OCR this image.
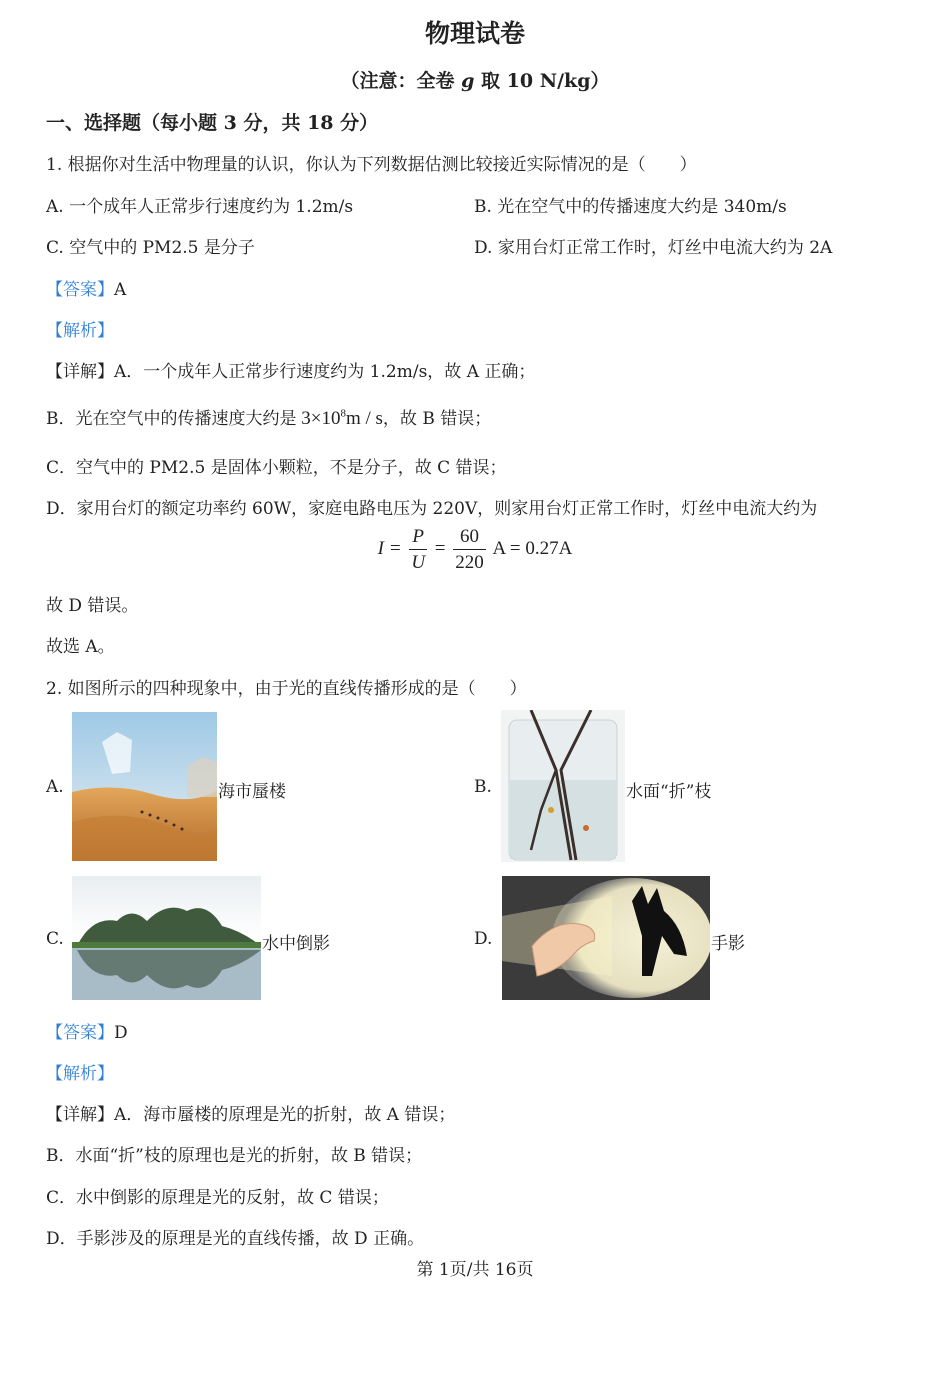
物理试卷
（注意：全卷 g 取 10 N/kg）
一、选择题（每小题 3 分，共 18 分）
1. 根据你对生活中物理量的认识，你认为下列数据估测比较接近实际情况的是（　　）
A. 一个成年人正常步行速度约为 1.2m/s	B. 光在空气中的传播速度大约是 340m/s
C. 空气中的 PM2.5 是分子	D. 家用台灯正常工作时，灯丝中电流大约为 2A
【答案】A
【解析】
【详解】A．一个成年人正常步行速度约为 1.2m/s，故 A 正确；
B．光在空气中的传播速度大约是 $3\times 10^8m / s$，故 B 错误；
C．空气中的 PM2.5 是固体小颗粒，不是分子，故 C 错误；
D．家用台灯的额定功率约 60W，家庭电路电压为 220V，则家用台灯正常工作时，灯丝中电流大约为
$I = \frac{P}{U} = \frac{60}{220}$ A = 0.27A
故 D 错误。
故选 A。
2. 如图所示的四种现象中，由于光的直线传播形成的是（　　）
A.	海市蜃楼	B.	水面“折”枝
C.	水中倒影	D.	手影
【答案】D
【解析】
【详解】A．海市蜃楼的原理是光的折射，故 A 错误；
B．水面“折”枝的原理也是光的折射，故 B 错误；
C．水中倒影的原理是光的反射，故 C 错误；
D．手影涉及的原理是光的直线传播，故 D 正确。
第 1页/共 16页
